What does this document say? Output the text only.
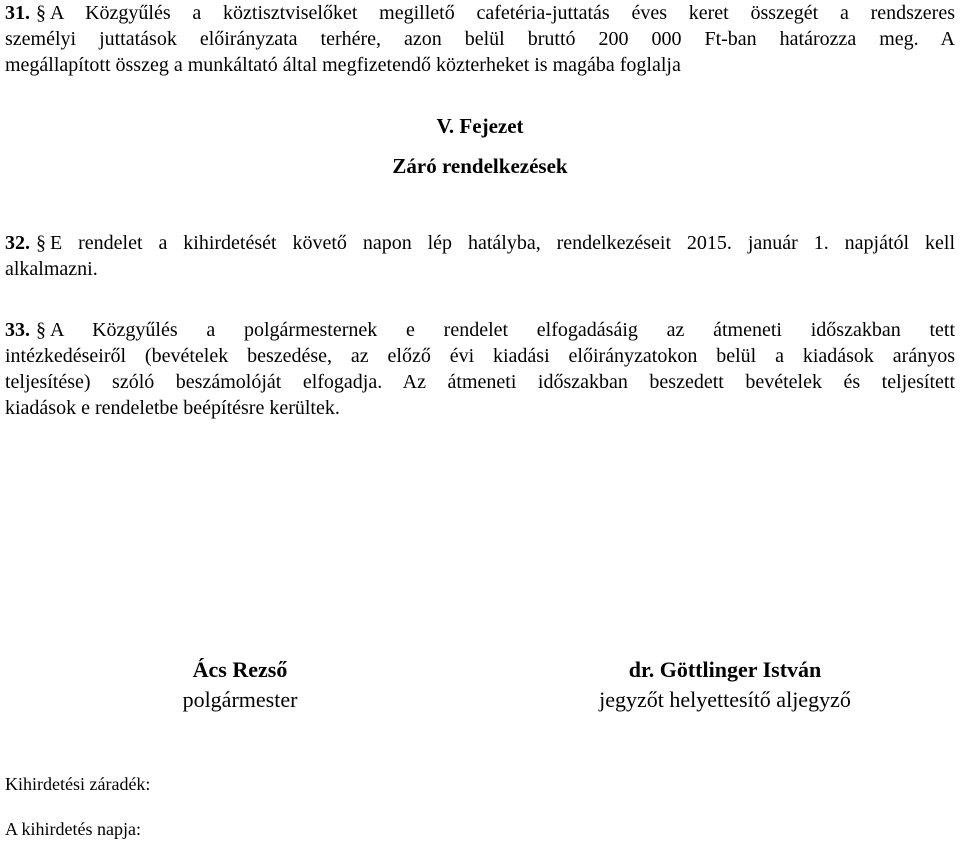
31. § A Közgyűlés a köztisztviselőket megillető cafetéria-juttatás éves keret összegét a rendszeres
személyi juttatások előirányzata terhére, azon belül bruttó 200 000 Ft-ban határozza meg. A
megállapított összeg a munkáltató által megfizetendő közterheket is magába foglalja
V. Fejezet
Záró rendelkezések
32. § E rendelet a kihirdetését követő napon lép hatályba, rendelkezéseit 2015. január 1. napjától kell
alkalmazni.
33. § A Közgyűlés a polgármesternek e rendelet elfogadásáig az átmeneti időszakban tett
intézkedéseiről (bevételek beszedése, az előző évi kiadási előirányzatokon belül a kiadások arányos
teljesítése) szóló beszámolóját elfogadja. Az átmeneti időszakban beszedett bevételek és teljesített
kiadások e rendeletbe beépítésre kerültek.
Ács Rezső
polgármester
dr. Göttlinger István
jegyzőt helyettesítő aljegyző
Kihirdetési záradék:
A kihirdetés napja:
